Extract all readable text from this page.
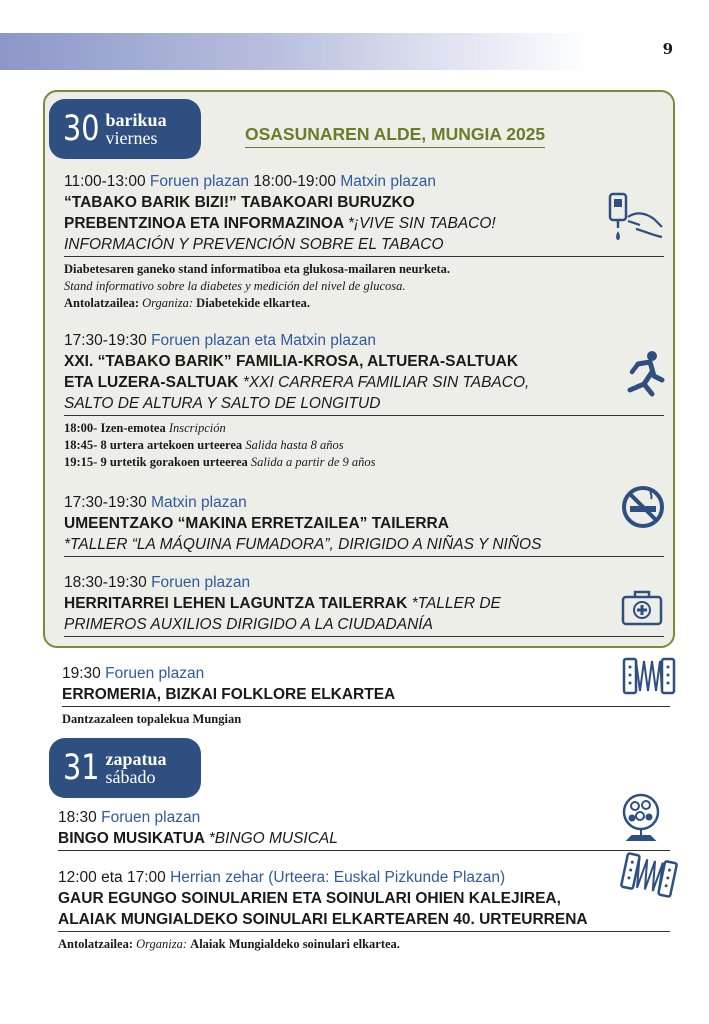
9
30 barikua
viernes	OSASUNAREN ALDE, MUNGIA 2025
11:00-13:00 Foruen plazan 18:00-19:00 Matxin plazan
“TABAKO BARIK BIZI!” TABAKOARI BURUZKO
PREBENTZINOA ETA INFORMAZINOA *¡VIVE SIN TABACO!
INFORMACIÓN Y PREVENCIÓN SOBRE EL TABACO
Diabetesaren ganeko stand informatiboa eta glukosa-mailaren neurketa.
Stand informativo sobre la diabetes y medición del nivel de glucosa.
Antolatzailea: Organiza: Diabetekide elkartea.
17:30-19:30 Foruen plazan eta Matxin plazan
XXI. “TABAKO BARIK” FAMILIA-KROSA, ALTUERA-SALTUAK
ETA LUZERA-SALTUAK *XXI CARRERA FAMILIAR SIN TABACO,
SALTO DE ALTURA Y SALTO DE LONGITUD
18:00- Izen-emotea Inscripción
18:45- 8 urtera artekoen urteerea Salida hasta 8 años
19:15- 9 urtetik gorakoen urteerea Salida a partir de 9 años
17:30-19:30 Matxin plazan
UMEENTZAKO “MAKINA ERRETZAILEA” TAILERRA
*TALLER “LA MÁQUINA FUMADORA”, DIRIGIDO A NIÑAS Y NIÑOS
18:30-19:30 Foruen plazan
HERRITARREI LEHEN LAGUNTZA TAILERRAK *TALLER DE
PRIMEROS AUXILIOS DIRIGIDO A LA CIUDADANÍA
19:30 Foruen plazan
ERROMERIA, BIZKAI FOLKLORE ELKARTEA
Dantzazaleen topalekua Mungian
31 zapatua
sábado
18:30 Foruen plazan
BINGO MUSIKATUA *BINGO MUSICAL
12:00 eta 17:00 Herrian zehar (Urteera: Euskal Pizkunde Plazan)
GAUR EGUNGO SOINULARIEN ETA SOINULARI OHIEN KALEJIREA,
ALAIAK MUNGIALDEKO SOINULARI ELKARTEAREN 40. URTEURRENA
Antolatzailea: Organiza: Alaiak Mungialdeko soinulari elkartea.
